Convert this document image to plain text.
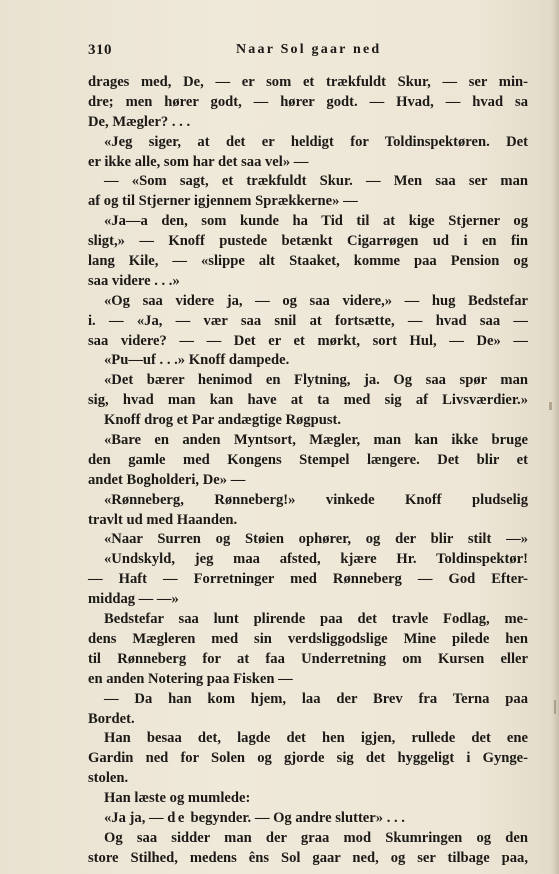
310	Naar Sol gaar ned
drages med, De, — er som et trækfuldt Skur, — ser min-
dre; men hører godt, — hører godt. — Hvad, — hvad sa
De, Mægler? . . .
«Jeg siger, at det er heldigt for Toldinspektøren. Det
er ikke alle, som har det saa vel» —
— «Som sagt, et trækfuldt Skur. — Men saa ser man
af og til Stjerner igjennem Sprækkerne» —
«Ja—a den, som kunde ha Tid til at kige Stjerner og
sligt,» — Knoff pustede betænkt Cigarrøgen ud i en fin
lang Kile, — «slippe alt Staaket, komme paa Pension og
saa videre . . .»
«Og saa videre ja, — og saa videre,» — hug Bedstefar
i. — «Ja, — vær saa snil at fortsætte, — hvad saa —
saa videre? — — Det er et mørkt, sort Hul, — De» —
«Pu—uf . . .» Knoff dampede.
«Det bærer henimod en Flytning, ja. Og saa spør man
sig, hvad man kan have at ta med sig af Livsværdier.»
Knoff drog et Par andægtige Røgpust.
«Bare en anden Myntsort, Mægler, man kan ikke bruge
den gamle med Kongens Stempel længere. Det blir et
andet Bogholderi, De» —
«Rønneberg, Rønneberg!» vinkede Knoff pludselig
travlt ud med Haanden.
«Naar Surren og Støien ophører, og der blir stilt —»
«Undskyld, jeg maa afsted, kjære Hr. Toldinspektør!
— Haft — Forretninger med Rønneberg — God Efter-
middag — —»
Bedstefar saa lunt plirende paa det travle Fodlag, me-
dens Mægleren med sin verdsliggodslige Mine pilede hen
til Rønneberg for at faa Underretning om Kursen eller
en anden Notering paa Fisken —
— Da han kom hjem, laa der Brev fra Terna paa
Bordet.
Han besaa det, lagde det hen igjen, rullede det ene
Gardin ned for Solen og gjorde sig det hyggeligt i Gynge-
stolen.
Han læste og mumlede:
«Ja ja, — de begynder. — Og andre slutter» . . .
Og saa sidder man der graa mod Skumringen og den
store Stilhed, medens êns Sol gaar ned, og ser tilbage paa,
